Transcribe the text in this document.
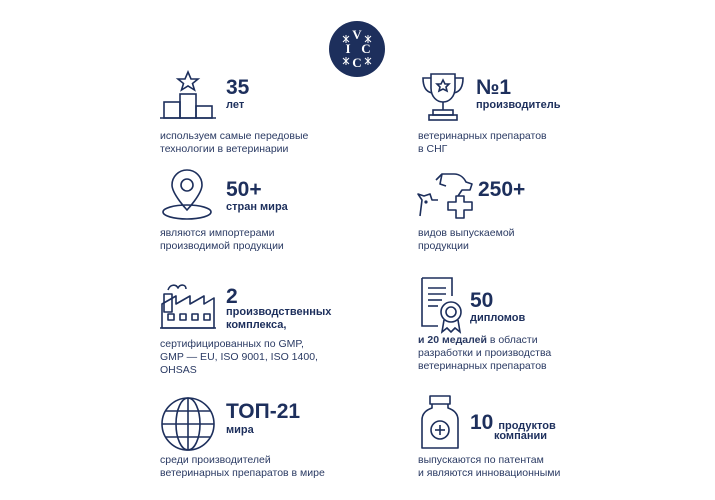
V
I C
C
35
лет
используем самые передовые
технологии в ветеринарии
№1
производитель
ветеринарных препаратов
в СНГ
50+
стран мира
являются импортерами
производимой продукции
250+
видов выпускаемой
продукции
2
производственных
комплекса,
сертифицированных по GMP,
GMP — EU, ISO 9001, ISO 1400,
OHSAS
50
дипломов
и 20 медалей в области
разработки и производства
ветеринарных препаратов
ТОП-21
мира
среди производителей
ветеринарных препаратов в мире
10 продуктов
компании
выпускаются по патентам
и являются инновационными
